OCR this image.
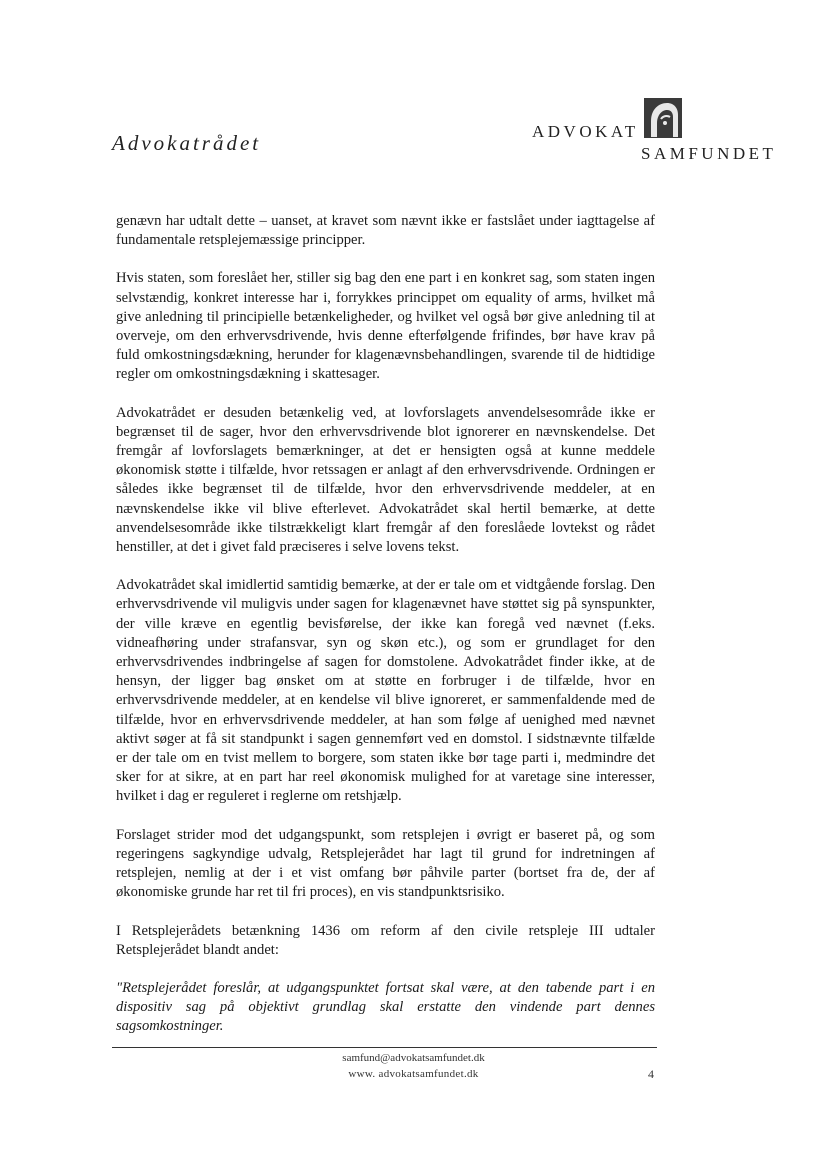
Advokatrådet	ADVOKAT
SAMFUNDET

genævn har udtalt dette – uanset, at kravet som nævnt ikke er fastslået under iagttagelse af fundamentale retsplejemæssige principper.

Hvis staten, som foreslået her, stiller sig bag den ene part i en konkret sag, som staten ingen selvstændig, konkret interesse har i, forrykkes princippet om equality of arms, hvilket må give anledning til principielle betænkeligheder, og hvilket vel også bør give anledning til at overveje, om den erhvervsdrivende, hvis denne efterfølgende frifindes, bør have krav på fuld omkostningsdækning, herunder for klagenævnsbehandlingen, svarende til de hidtidige regler om omkostningsdækning i skattesager.

Advokatrådet er desuden betænkelig ved, at lovforslagets anvendelsesområde ikke er begrænset til de sager, hvor den erhvervsdrivende blot ignorerer en nævnskendelse. Det fremgår af lovforslagets bemærkninger, at det er hensigten også at kunne meddele økonomisk støtte i tilfælde, hvor retssagen er anlagt af den erhvervsdrivende. Ordningen er således ikke begrænset til de tilfælde, hvor den erhvervsdrivende meddeler, at en nævnskendelse ikke vil blive efterlevet. Advokatrådet skal hertil bemærke, at dette anvendelsesområde ikke tilstrækkeligt klart fremgår af den foreslåede lovtekst og rådet henstiller, at det i givet fald præciseres i selve lovens tekst.

Advokatrådet skal imidlertid samtidig bemærke, at der er tale om et vidtgående forslag. Den erhvervsdrivende vil muligvis under sagen for klagenævnet have støttet sig på synspunkter, der ville kræve en egentlig bevisførelse, der ikke kan foregå ved nævnet (f.eks. vidneafhøring under strafansvar, syn og skøn etc.), og som er grundlaget for den erhvervsdrivendes indbringelse af sagen for domstolene. Advokatrådet finder ikke, at de hensyn, der ligger bag ønsket om at støtte en forbruger i de tilfælde, hvor en erhvervsdrivende meddeler, at en kendelse vil blive ignoreret, er sammenfaldende med de tilfælde, hvor en erhvervsdrivende meddeler, at han som følge af uenighed med nævnet aktivt søger at få sit standpunkt i sagen gennemført ved en domstol. I sidstnævnte tilfælde er der tale om en tvist mellem to borgere, som staten ikke bør tage parti i, medmindre det sker for at sikre, at en part har reel økonomisk mulighed for at varetage sine interesser, hvilket i dag er reguleret i reglerne om retshjælp.

Forslaget strider mod det udgangspunkt, som retsplejen i øvrigt er baseret på, og som regeringens sagkyndige udvalg, Retsplejerådet har lagt til grund for indretningen af retsplejen, nemlig at der i et vist omfang bør påhvile parter (bortset fra de, der af økonomiske grunde har ret til fri proces), en vis standpunktsrisiko.

I Retsplejerådets betænkning 1436 om reform af den civile retspleje III udtaler Retsplejerådet blandt andet:

"Retsplejerådet foreslår, at udgangspunktet fortsat skal være, at den tabende part i en dispositiv sag på objektivt grundlag skal erstatte den vindende part dennes sagsomkostninger.

samfund@advokatsamfundet.dk
www. advokatsamfundet.dk	4
